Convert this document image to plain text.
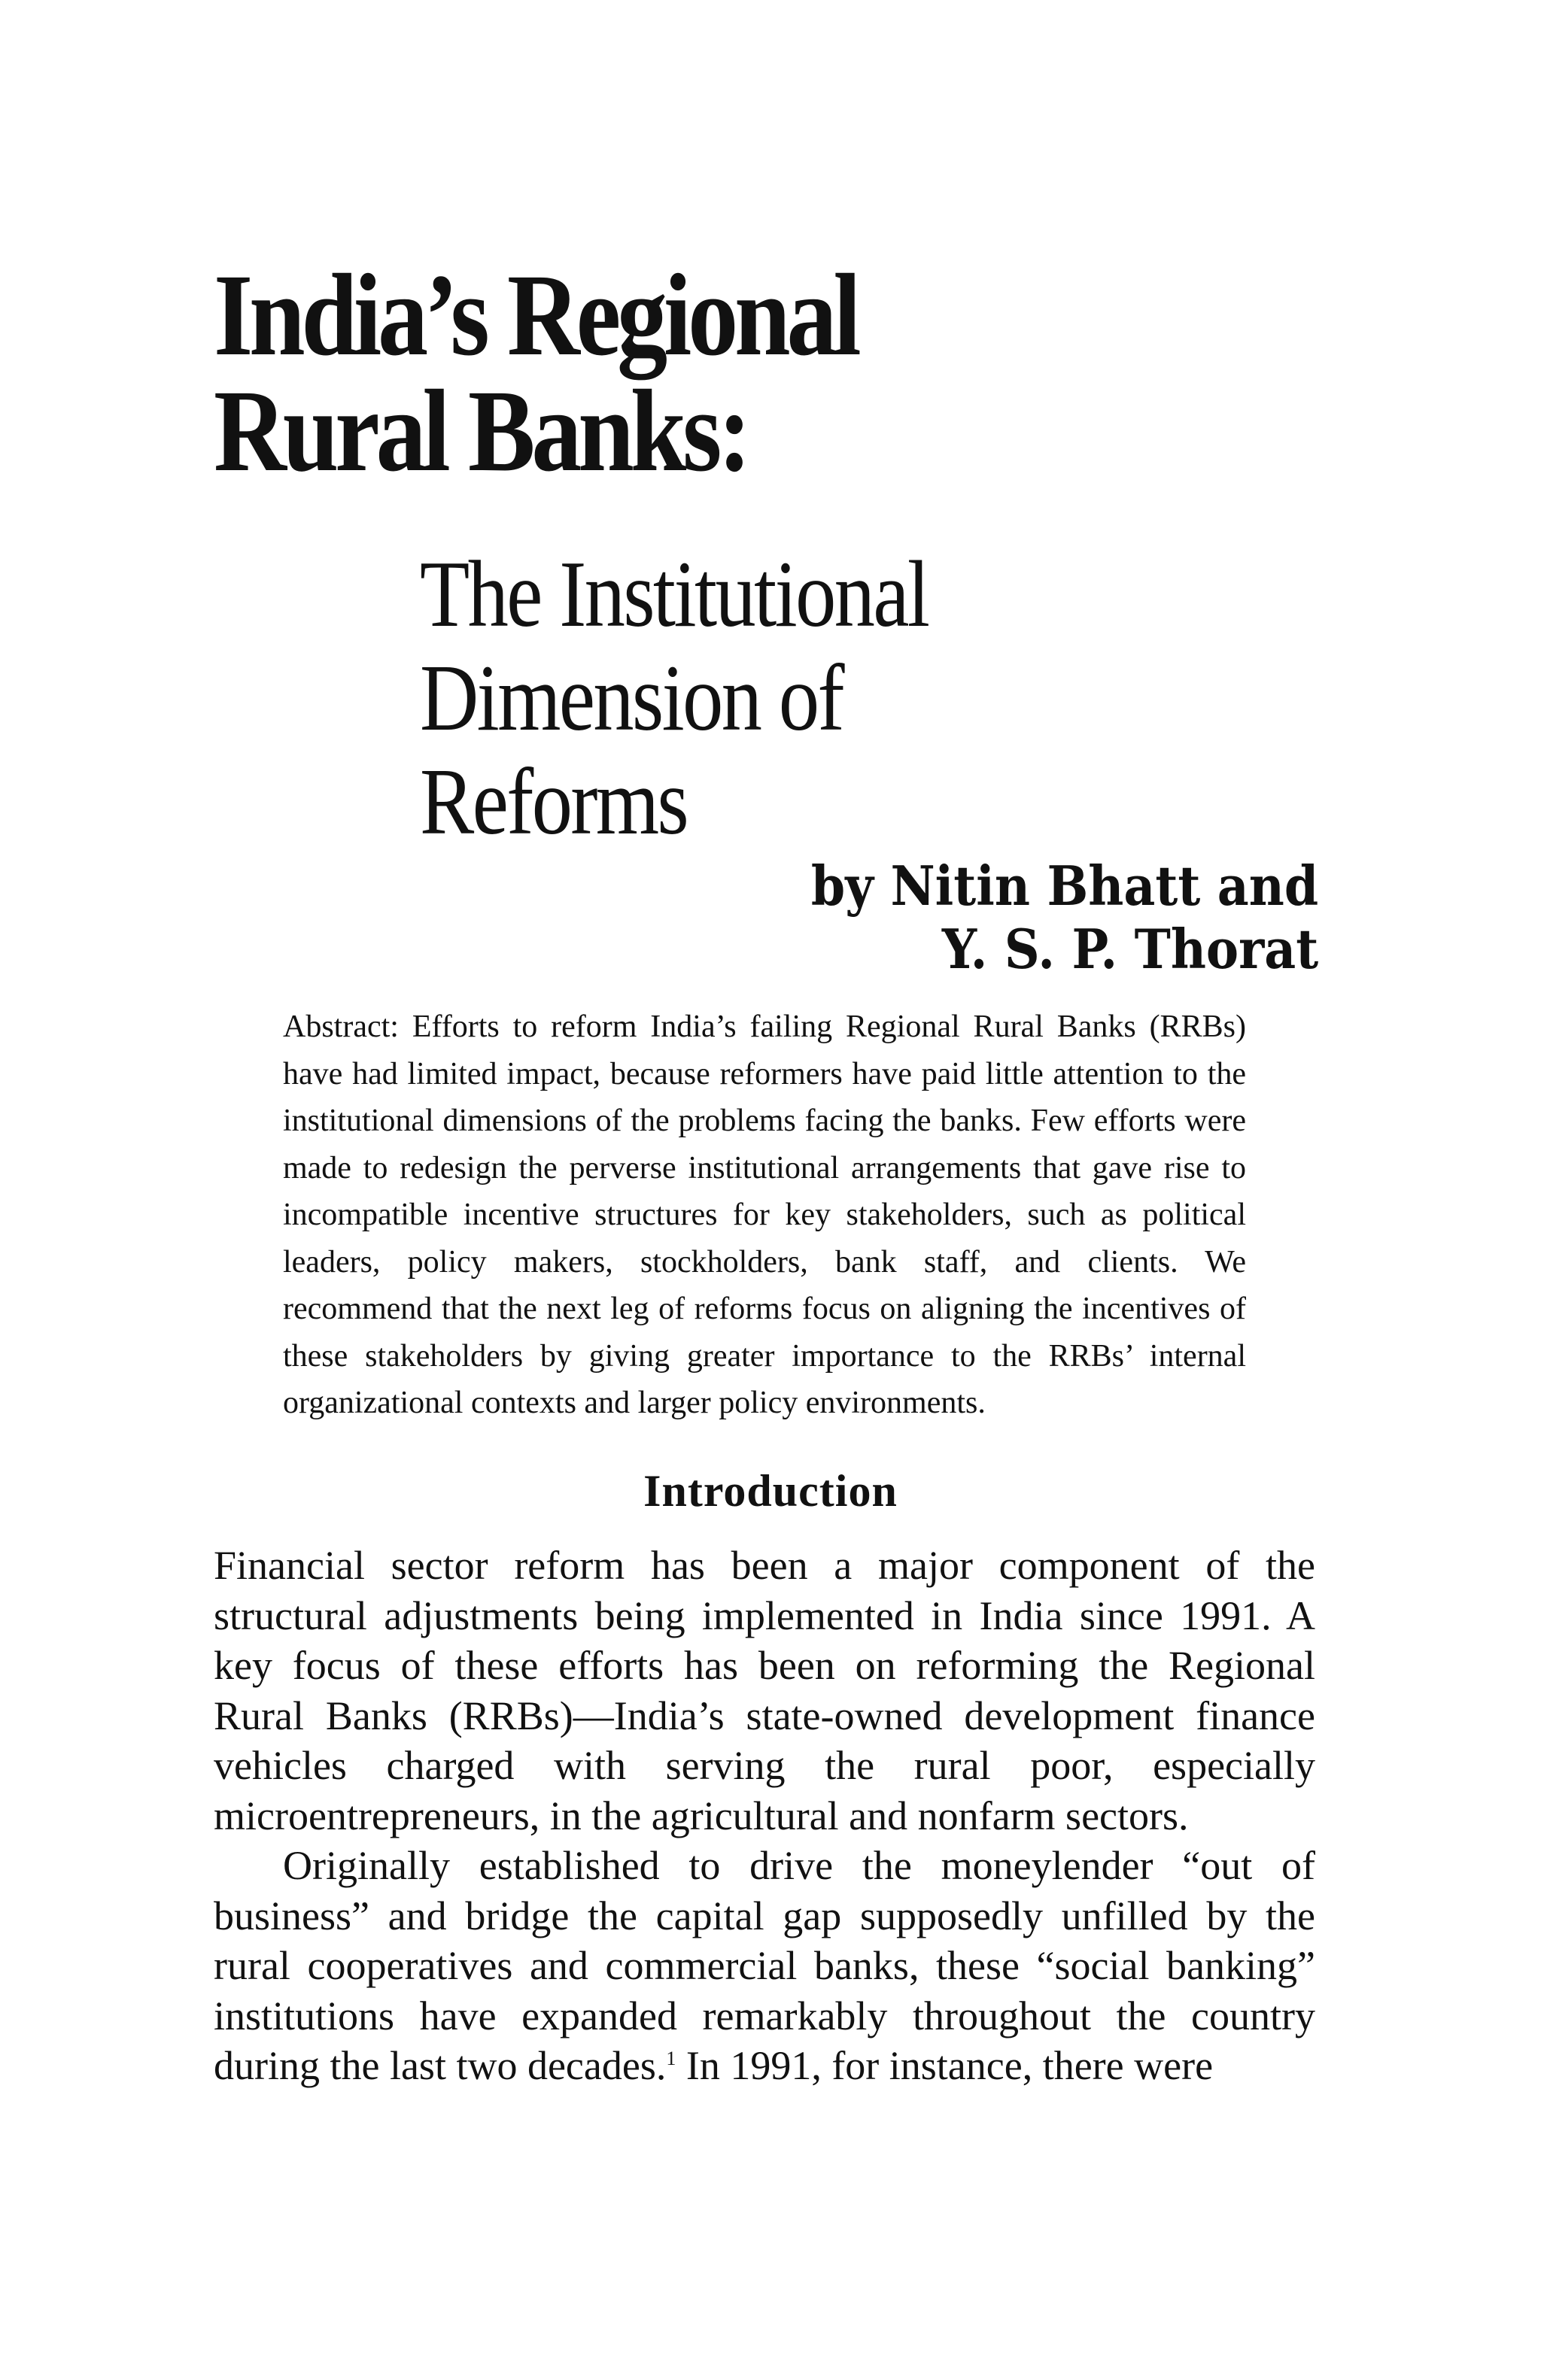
India’s Regional
Rural Banks:
The Institutional
Dimension of
Reforms
by Nitin Bhatt and
Y. S. P. Thorat

Abstract: Efforts to reform India’s failing Regional Rural Banks (RRBs) have had limited impact, because reformers have paid little attention to the institutional dimensions of the problems facing the banks. Few efforts were made to redesign the perverse institutional arrangements that gave rise to incompatible incentive structures for key stakeholders, such as political leaders, policy makers, stockholders, bank staff, and clients. We recommend that the next leg of reforms focus on aligning the incentives of these stakeholders by giving greater importance to the RRBs’ internal organizational contexts and larger policy environments.

Introduction

Financial sector reform has been a major component of the structural adjustments being implemented in India since 1991. A key focus of these efforts has been on reforming the Regional Rural Banks (RRBs)—India’s state-owned development finance vehicles charged with serving the rural poor, especially microentrepreneurs, in the agricultural and nonfarm sectors.

Originally established to drive the moneylender “out of business” and bridge the capital gap supposedly unfilled by the rural cooperatives and commercial banks, these “social banking” institutions have expanded remarkably throughout the country during the last two decades.$^1$ In 1991, for instance, there were
